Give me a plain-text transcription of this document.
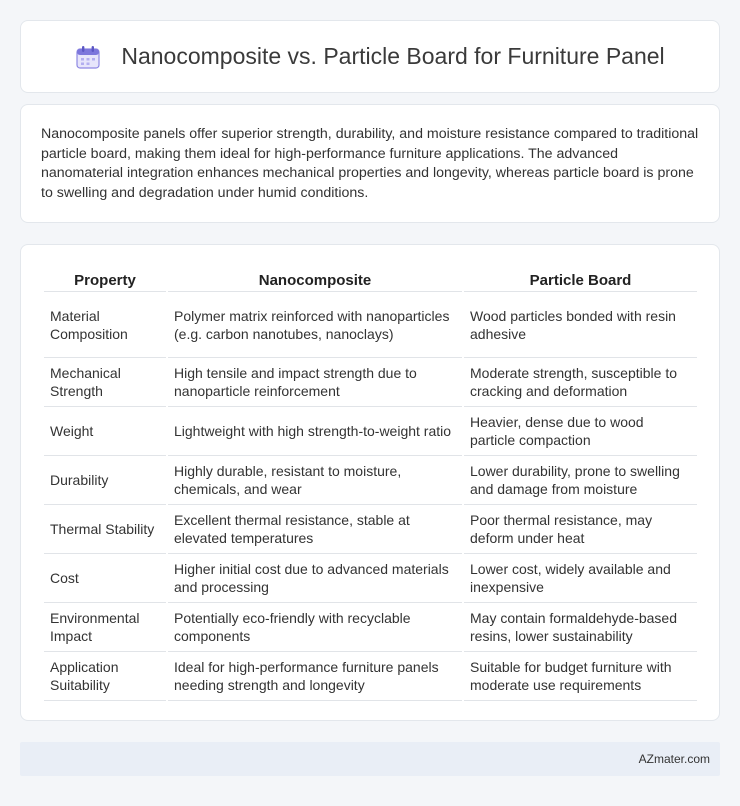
Nanocomposite vs. Particle Board for Furniture Panel

Nanocomposite panels offer superior strength, durability, and moisture resistance compared to traditional particle board, making them ideal for high-performance furniture applications. The advanced nanomaterial integration enhances mechanical properties and longevity, whereas particle board is prone to swelling and degradation under humid conditions.

Property	Nanocomposite	Particle Board
Material Composition	Polymer matrix reinforced with nanoparticles (e.g. carbon nanotubes, nanoclays)	Wood particles bonded with resin adhesive
Mechanical Strength	High tensile and impact strength due to nanoparticle reinforcement	Moderate strength, susceptible to cracking and deformation
Weight	Lightweight with high strength-to-weight ratio	Heavier, dense due to wood particle compaction
Durability	Highly durable, resistant to moisture, chemicals, and wear	Lower durability, prone to swelling and damage from moisture
Thermal Stability	Excellent thermal resistance, stable at elevated temperatures	Poor thermal resistance, may deform under heat
Cost	Higher initial cost due to advanced materials and processing	Lower cost, widely available and inexpensive
Environmental Impact	Potentially eco-friendly with recyclable components	May contain formaldehyde-based resins, lower sustainability
Application Suitability	Ideal for high-performance furniture panels needing strength and longevity	Suitable for budget furniture with moderate use requirements
AZmater.com
